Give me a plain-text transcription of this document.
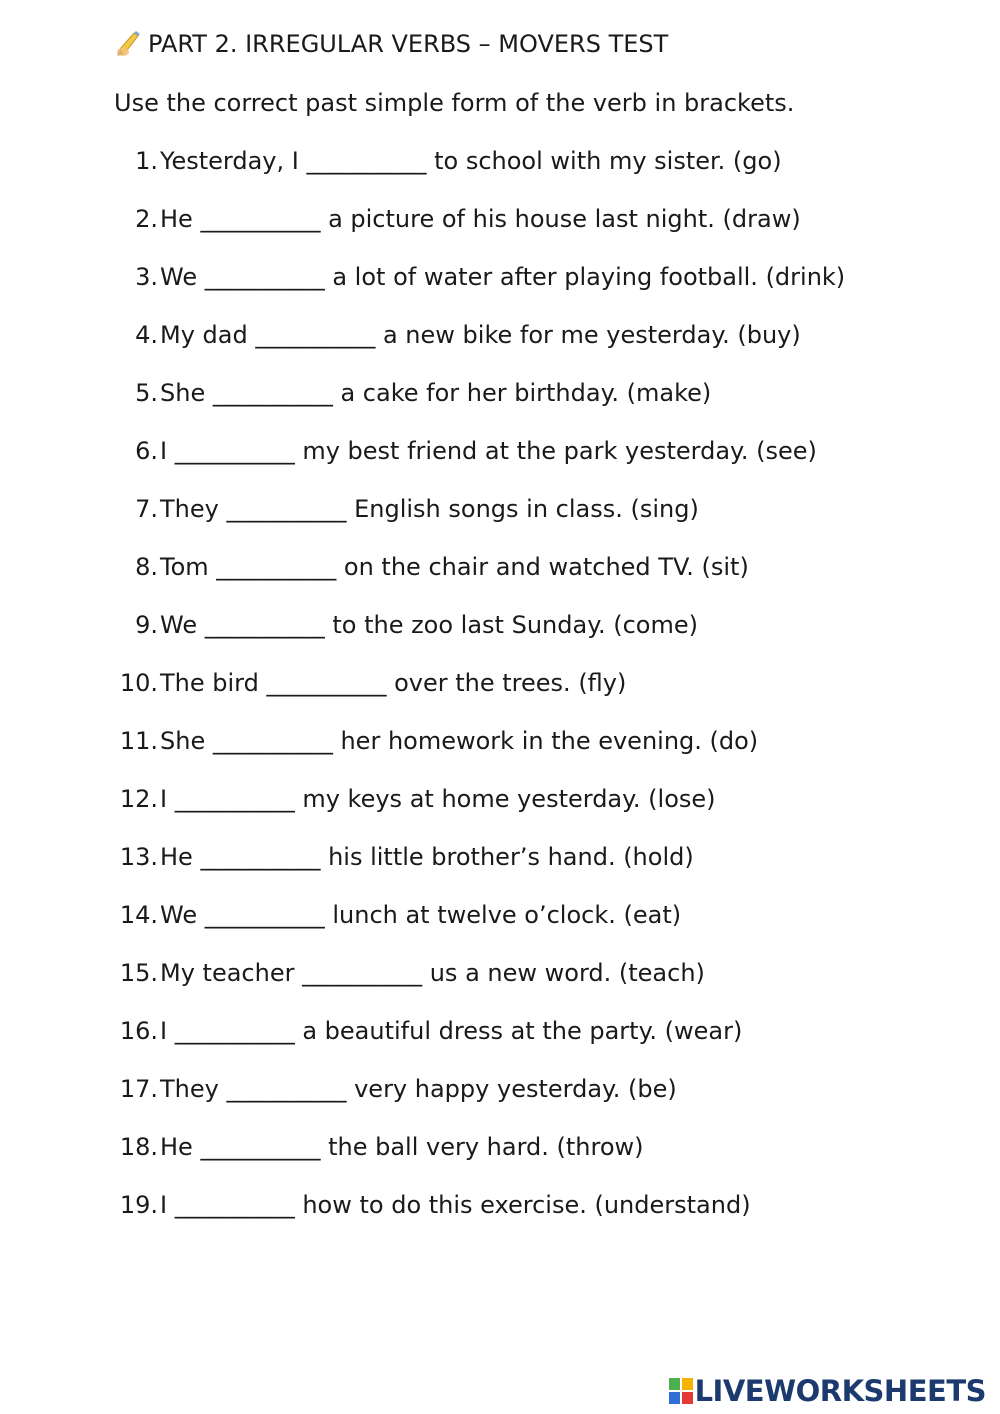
PART 2. IRREGULAR VERBS – MOVERS TEST
Use the correct past simple form of the verb in brackets.
1. Yesterday, I __________ to school with my sister. (go)
2. He __________ a picture of his house last night. (draw)
3. We __________ a lot of water after playing football. (drink)
4. My dad __________ a new bike for me yesterday. (buy)
5. She __________ a cake for her birthday. (make)
6. I __________ my best friend at the park yesterday. (see)
7. They __________ English songs in class. (sing)
8. Tom __________ on the chair and watched TV. (sit)
9. We __________ to the zoo last Sunday. (come)
10. The bird __________ over the trees. (fly)
11. She __________ her homework in the evening. (do)
12. I __________ my keys at home yesterday. (lose)
13. He __________ his little brother’s hand. (hold)
14. We __________ lunch at twelve o’clock. (eat)
15. My teacher __________ us a new word. (teach)
16. I __________ a beautiful dress at the party. (wear)
17. They __________ very happy yesterday. (be)
18. He __________ the ball very hard. (throw)
19. I __________ how to do this exercise. (understand)
LIVEWORKSHEETS
